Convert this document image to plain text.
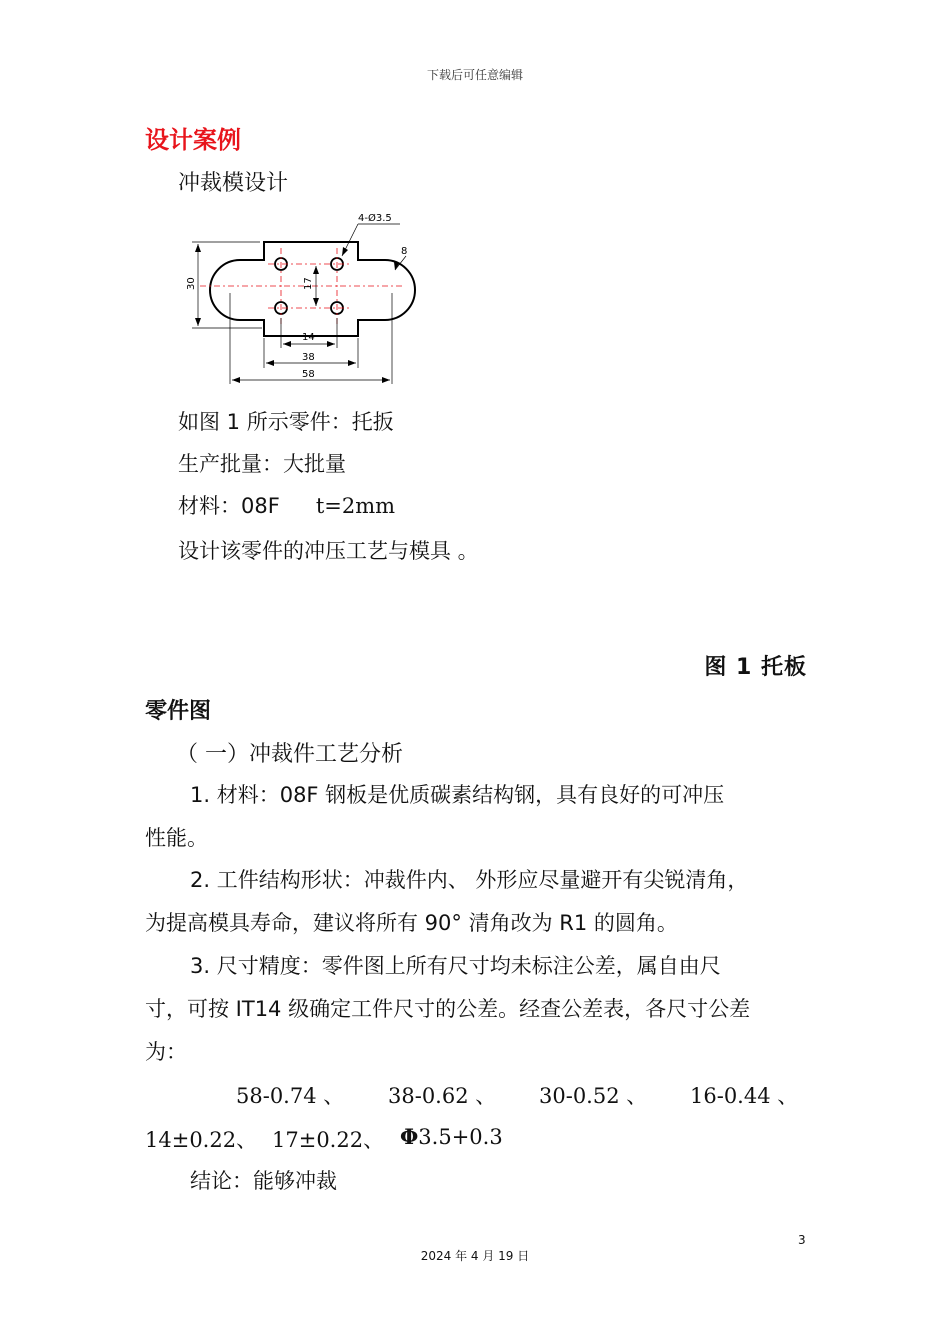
下载后可任意编辑
设计案例
冲裁模设计
4-Ø3.5
8
30	17
14
38
58
如图 1 所示零件：托扳
生产批量：大批量
材料：08F t=2mm
设计该零件的冲压工艺与模具 。
图 1 托板
零件图
（ 一）冲裁件工艺分析
1. 材料：08F 钢板是优质碳素结构钢，具有良好的可冲压
性能。
2. 工件结构形状：冲裁件内、 外形应尽量避开有尖锐清角，
为提高模具寿命，建议将所有 90° 清角改为 R1 的圆角。
3. 尺寸精度：零件图上所有尺寸均未标注公差，属自由尺
寸，可按 IT14 级确定工件尺寸的公差。经查公差表，各尺寸公差
为：
58-0.74 、 38-0.62 、 30-0.52 、 16-0.44 、
14±0.22、 17±0.22、 Φ3.5+0.3
结论：能够冲裁
3
2024 年 4 月 19 日
